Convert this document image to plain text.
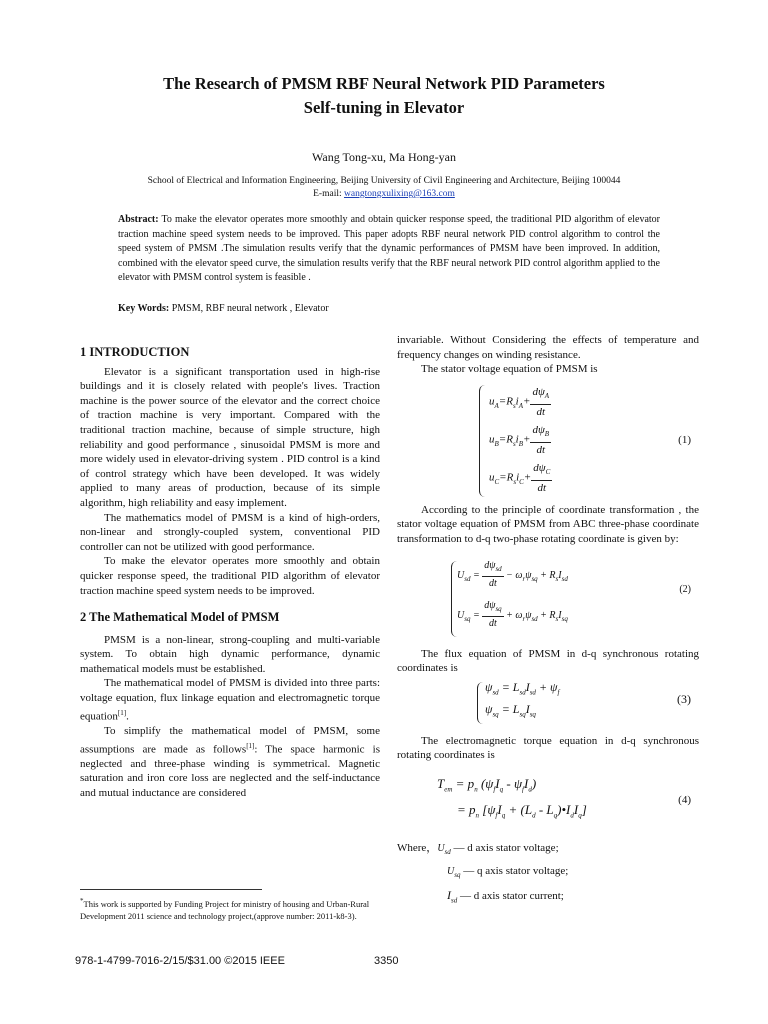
The Research of PMSM RBF Neural Network PID Parameters
Self-tuning in Elevator
Wang Tong-xu, Ma Hong-yan
School of Electrical and Information Engineering, Beijing University of Civil Engineering and Architecture, Beijing 100044
E-mail: wangtongxulixing@163.com
Abstract: To make the elevator operates more smoothly and obtain quicker response speed, the traditional PID algorithm of elevator traction machine speed system needs to be improved. This paper adopts RBF neural network PID control algorithm to control the speed system of PMSM .The simulation results verify that the dynamic performances of PMSM have been improved. In addition, combined with the elevator speed curve, the simulation results verify that the RBF neural network PID control algorithm applied to the elevator with PMSM control system is feasible .
Key Words: PMSM, RBF neural network , Elevator

1 INTRODUCTION

Elevator is a significant transportation used in high-rise buildings and it is closely related with people's lives. Traction machine is the power source of the elevator and the correct choice of traction machine is very important. Compared with the traditional traction machine, because of simple structure, high reliability and good performance , sinusoidal PMSM is more and more widely used in elevator-driving system . PID control is a kind of control strategy which have been developed. It was widely applied to many areas of production, because of its simple algorithm, high reliability and easy implement.

The mathematics model of PMSM is a kind of high-orders, non-linear and strongly-coupled system, conventional PID controller can not be utilized with good performance.

To make the elevator operates more smoothly and obtain quicker response speed, the traditional PID algorithm of elevator traction machine speed system needs to be improved.

2 The Mathematical Model of PMSM

PMSM is a non-linear, strong-coupling and multi-variable system. To obtain high dynamic performance, dynamic mathematical models must be established.

The mathematical model of PMSM is divided into three parts: voltage equation, flux linkage equation and electromagnetic torque equation[1].

To simplify the mathematical model of PMSM, some assumptions are made as follows[1]: The space harmonic is neglected and three-phase winding is symmetrical. Magnetic saturation and iron core loss are neglected and the self-inductance and mutual inductance are considered

*This work is supported by Funding Project for ministry of housing and Urban-Rural Development 2011 science and technology project,(approve number: 2011-k8-3).

invariable. Without Considering the effects of temperature and frequency changes on winding resistance.

The stator voltage equation of PMSM is

$u_A=R_si_A+ \frac{d\psi_A}{dt}$
$u_B=R_si_B+ \frac{d\psi_B}{dt}$
$u_C=R_si_C+ \frac{d\psi_C}{dt}$
(1)

According to the principle of coordinate transformation , the stator voltage equation of PMSM from ABC three-phase coordinate transformation to d-q two-phase rotating coordinate is given by:

$U_{sd} = \frac{d\psi_{sd}}{dt} - \omega_r\psi_{sq} + R_sI_{sd}$
$U_{sq} = \frac{d\psi_{sq}}{dt} + \omega_r\psi_{sd} + R_sI_{sq}$
(2)

The flux equation of PMSM in d-q synchronous rotating coordinates is

$\psi_{sd} = L_{sd}I_{sd} + \psi_f$
$\psi_{sq} = L_{sq}I_{sq}$
(3)

The electromagnetic torque equation in d-q synchronous rotating coordinates is

$T_{em} = p_n$ $(\psi_fI_q - \psi_fI_d)$
= $p_n$ [$\psi_fI_q + (L_d$ - $L_q)•I_dI_q$]
(4)
Where，$U_{sd}$ — d axis stator voltage;
$U_{sq}$ — q axis stator voltage;
$I_{sd}$ — d axis stator current;
978-1-4799-7016-2/15/$31.00 ©2015 IEEE	3350
